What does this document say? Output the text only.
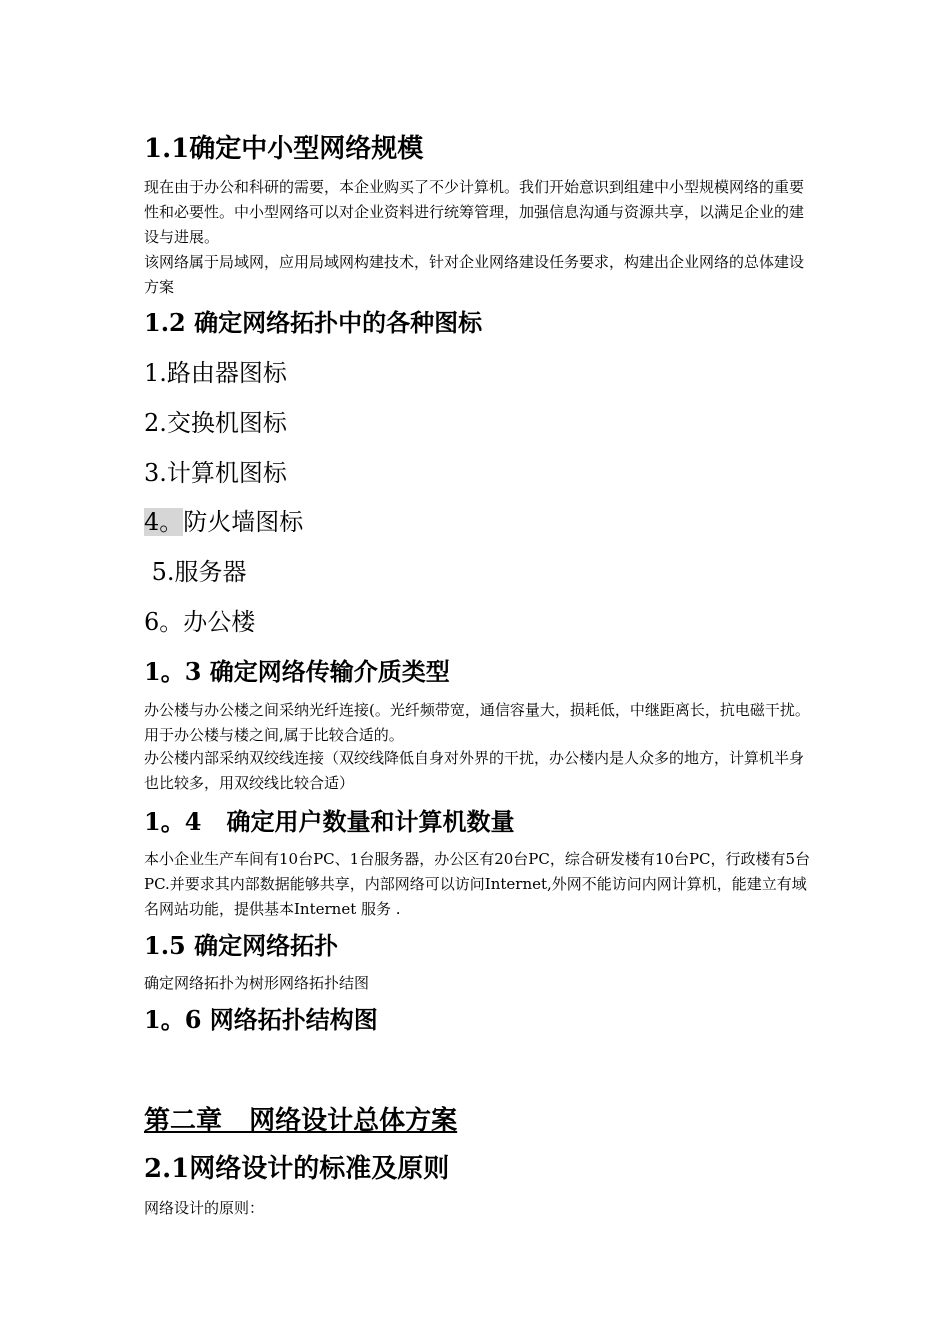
1.1确定中小型网络规模
现在由于办公和科研的需要，本企业购买了不少计算机。我们开始意识到组建中小型规模网络的重要性和必要性。中小型网络可以对企业资料进行统筹管理，加强信息沟通与资源共享，以满足企业的建设与进展。
该网络属于局域网，应用局域网构建技术，针对企业网络建设任务要求，构建出企业网络的总体建设方案
1.2 确定网络拓扑中的各种图标
1.路由器图标
2.交换机图标
3.计算机图标
4。防火墙图标
5.服务器
6。办公楼
1。3 确定网络传输介质类型
办公楼与办公楼之间采纳光纤连接(。光纤频带宽，通信容量大，损耗低，中继距离长，抗电磁干扰。用于办公楼与楼之间,属于比较合适的。
办公楼内部采纳双绞线连接（双绞线降低自身对外界的干扰，办公楼内是人众多的地方，计算机半身也比较多，用双绞线比较合适）
1。4   确定用户数量和计算机数量
本小企业生产车间有10台PC、1台服务器，办公区有20台PC，综合研发楼有10台PC，行政楼有5台PC.并要求其内部数据能够共享，内部网络可以访问Internet,外网不能访问内网计算机，能建立有域名网站功能，提供基本Internet 服务 .
1.5 确定网络拓扑
确定网络拓扑为树形网络拓扑结图
1。6 网络拓扑结构图
第二章   网络设计总体方案
2.1网络设计的标准及原则
网络设计的原则：
